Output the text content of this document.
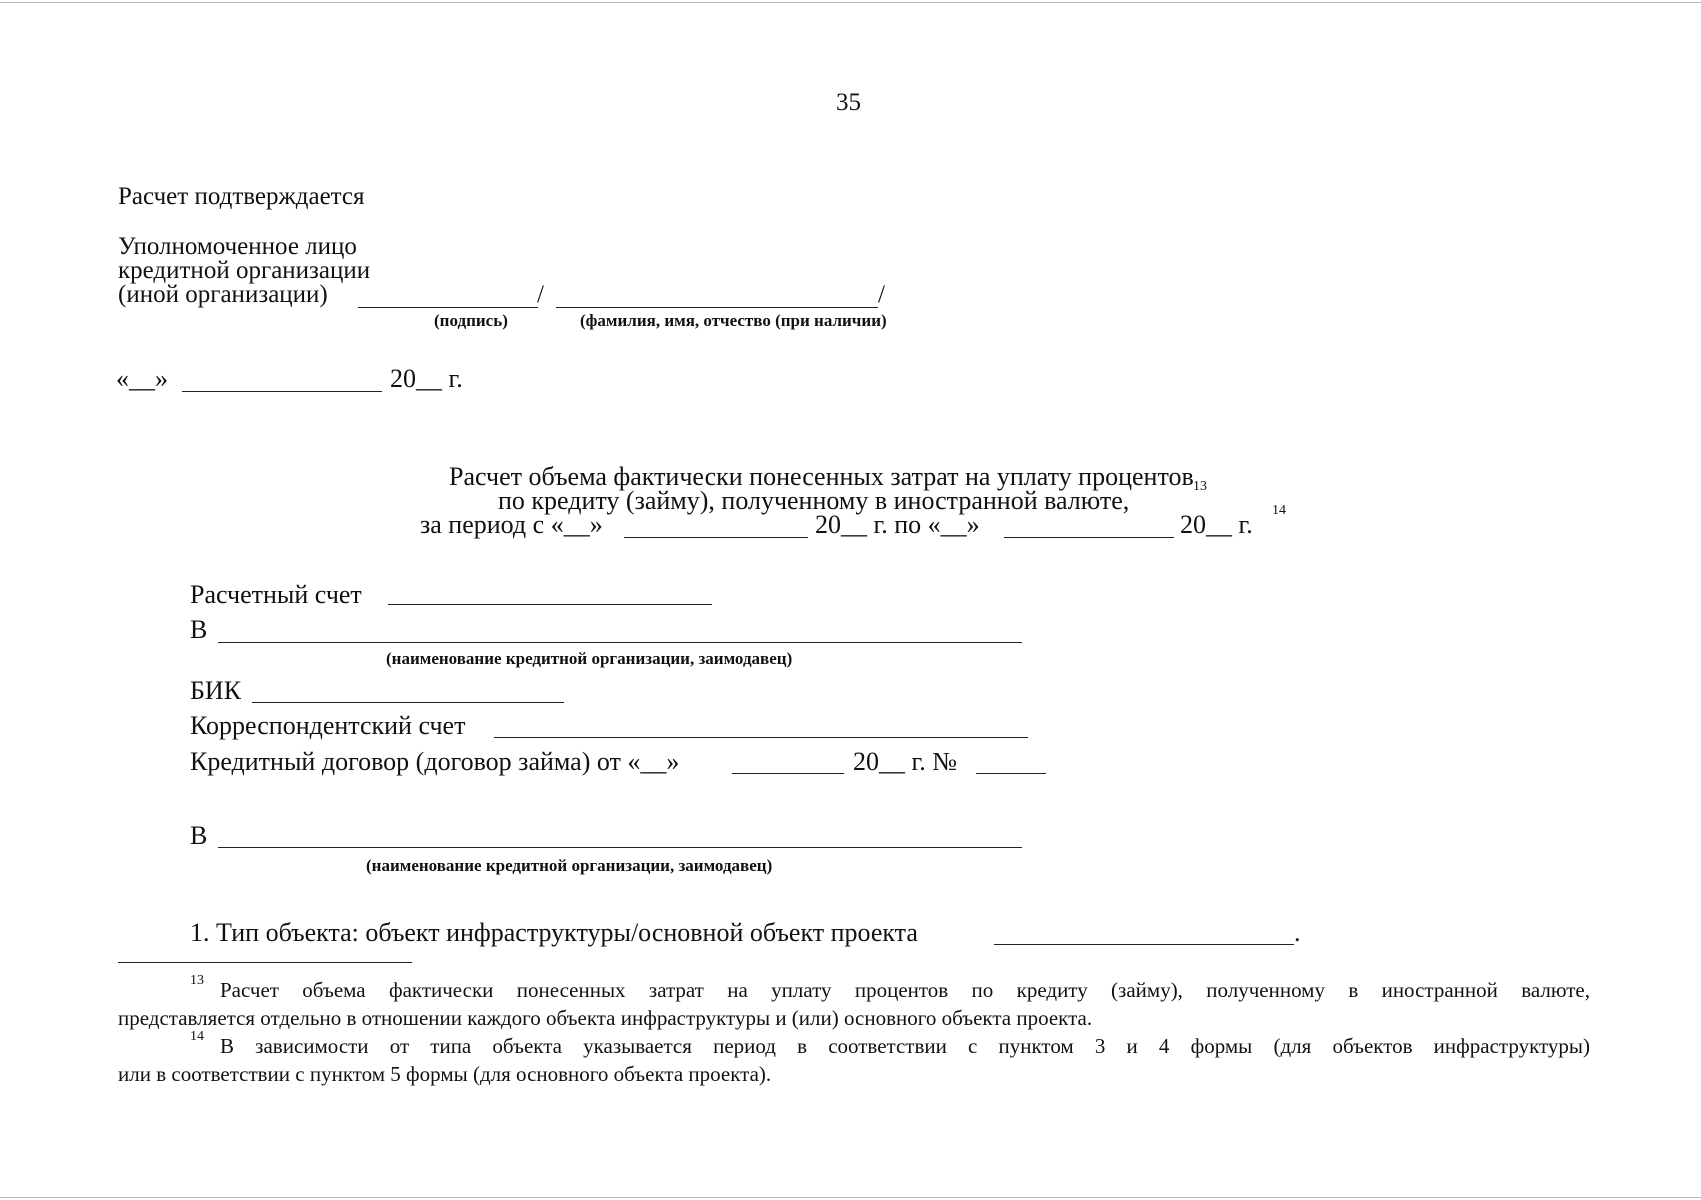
35
Расчет подтверждается
Уполномоченное лицо
кредитной организации
(иной организации)	/	/
(подпись)	(фамилия, имя, отчество (при наличии)
«__»	20__ г.
Расчет объема фактически понесенных затрат на уплату процентов
по кредиту (займу), полученному в иностранной валюте,	13
за период с «__»	20__ г. по «__»	20__ г. 14
Расчетный счет
В
(наименование кредитной организации, заимодавец)
БИК
Корреспондентский счет
Кредитный договор (договор займа) от «__»	20__ г. №
В
(наименование кредитной организации, заимодавец)
1. Тип объекта: объект инфраструктуры/основной объект проекта	.
13 Расчет объема фактически понесенных затрат на уплату процентов по кредиту (займу), полученному в иностранной валюте,
представляется отдельно в отношении каждого объекта инфраструктуры и (или) основного объекта проекта.
14 В зависимости от типа объекта указывается период в соответствии с пунктом 3 и 4 формы (для объектов инфраструктуры)
или в соответствии с пунктом 5 формы (для основного объекта проекта).
